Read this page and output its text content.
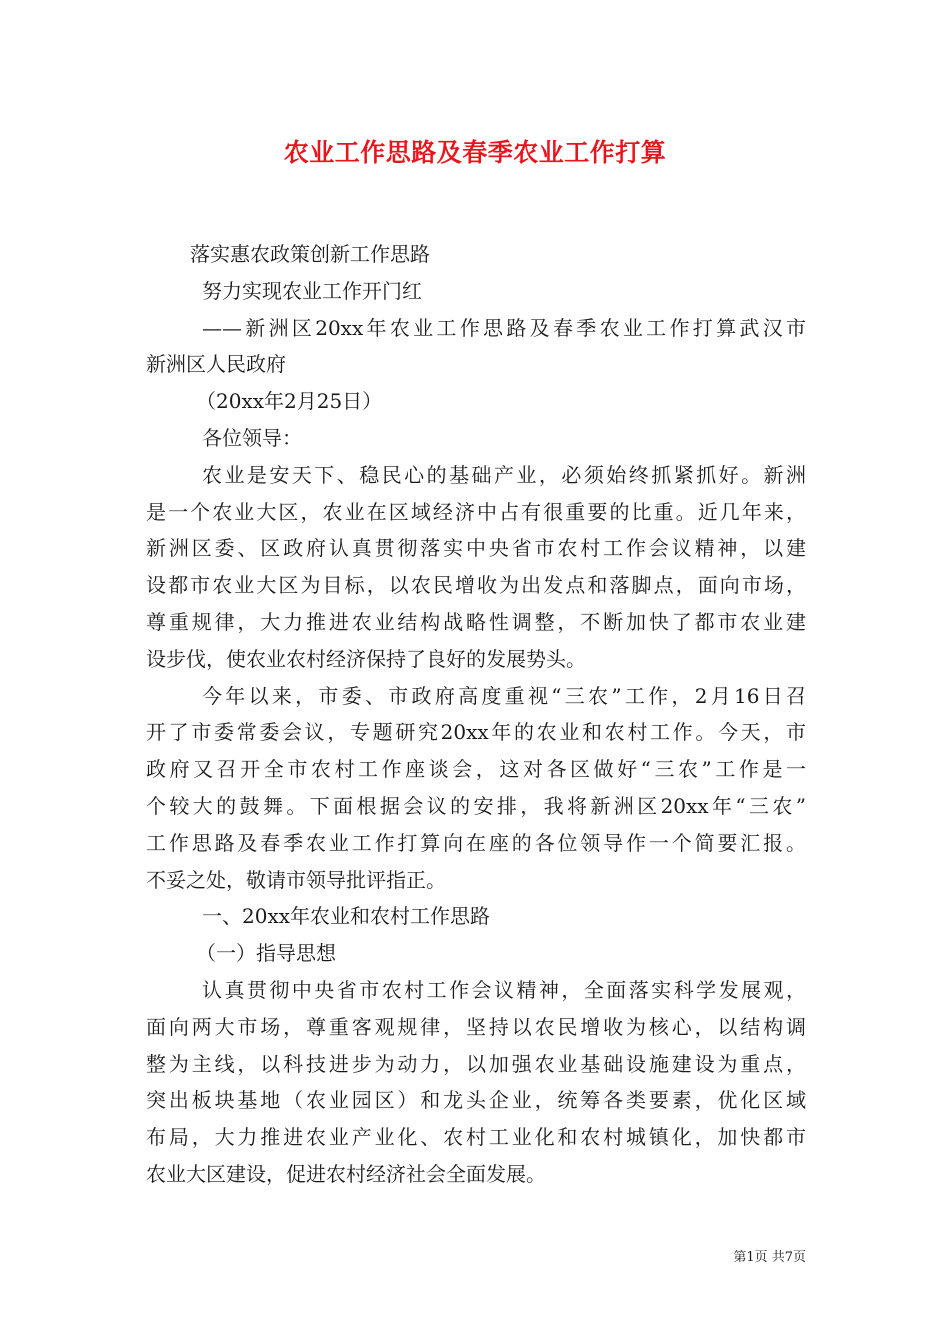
农业工作思路及春季农业工作打算
落实惠农政策创新工作思路
努力实现农业工作开门红
——新洲区20xx年农业工作思路及春季农业工作打算武汉市
新洲区人民政府
（20xx年2月25日）
各位领导：
农业是安天下、稳民心的基础产业，必须始终抓紧抓好。新洲
是一个农业大区，农业在区域经济中占有很重要的比重。近几年来，
新洲区委、区政府认真贯彻落实中央省市农村工作会议精神，以建
设都市农业大区为目标，以农民增收为出发点和落脚点，面向市场，
尊重规律，大力推进农业结构战略性调整，不断加快了都市农业建
设步伐，使农业农村经济保持了良好的发展势头。
今年以来，市委、市政府高度重视“三农”工作，2月16日召
开了市委常委会议，专题研究20xx年的农业和农村工作。今天，市
政府又召开全市农村工作座谈会，这对各区做好“三农”工作是一
个较大的鼓舞。下面根据会议的安排，我将新洲区20xx年“三农”
工作思路及春季农业工作打算向在座的各位领导作一个简要汇报。
不妥之处，敬请市领导批评指正。
一、20xx年农业和农村工作思路
（一）指导思想
认真贯彻中央省市农村工作会议精神，全面落实科学发展观，
面向两大市场，尊重客观规律，坚持以农民增收为核心，以结构调
整为主线，以科技进步为动力，以加强农业基础设施建设为重点，
突出板块基地（农业园区）和龙头企业，统筹各类要素，优化区域
布局，大力推进农业产业化、农村工业化和农村城镇化，加快都市
农业大区建设，促进农村经济社会全面发展。
第1页 共7页
